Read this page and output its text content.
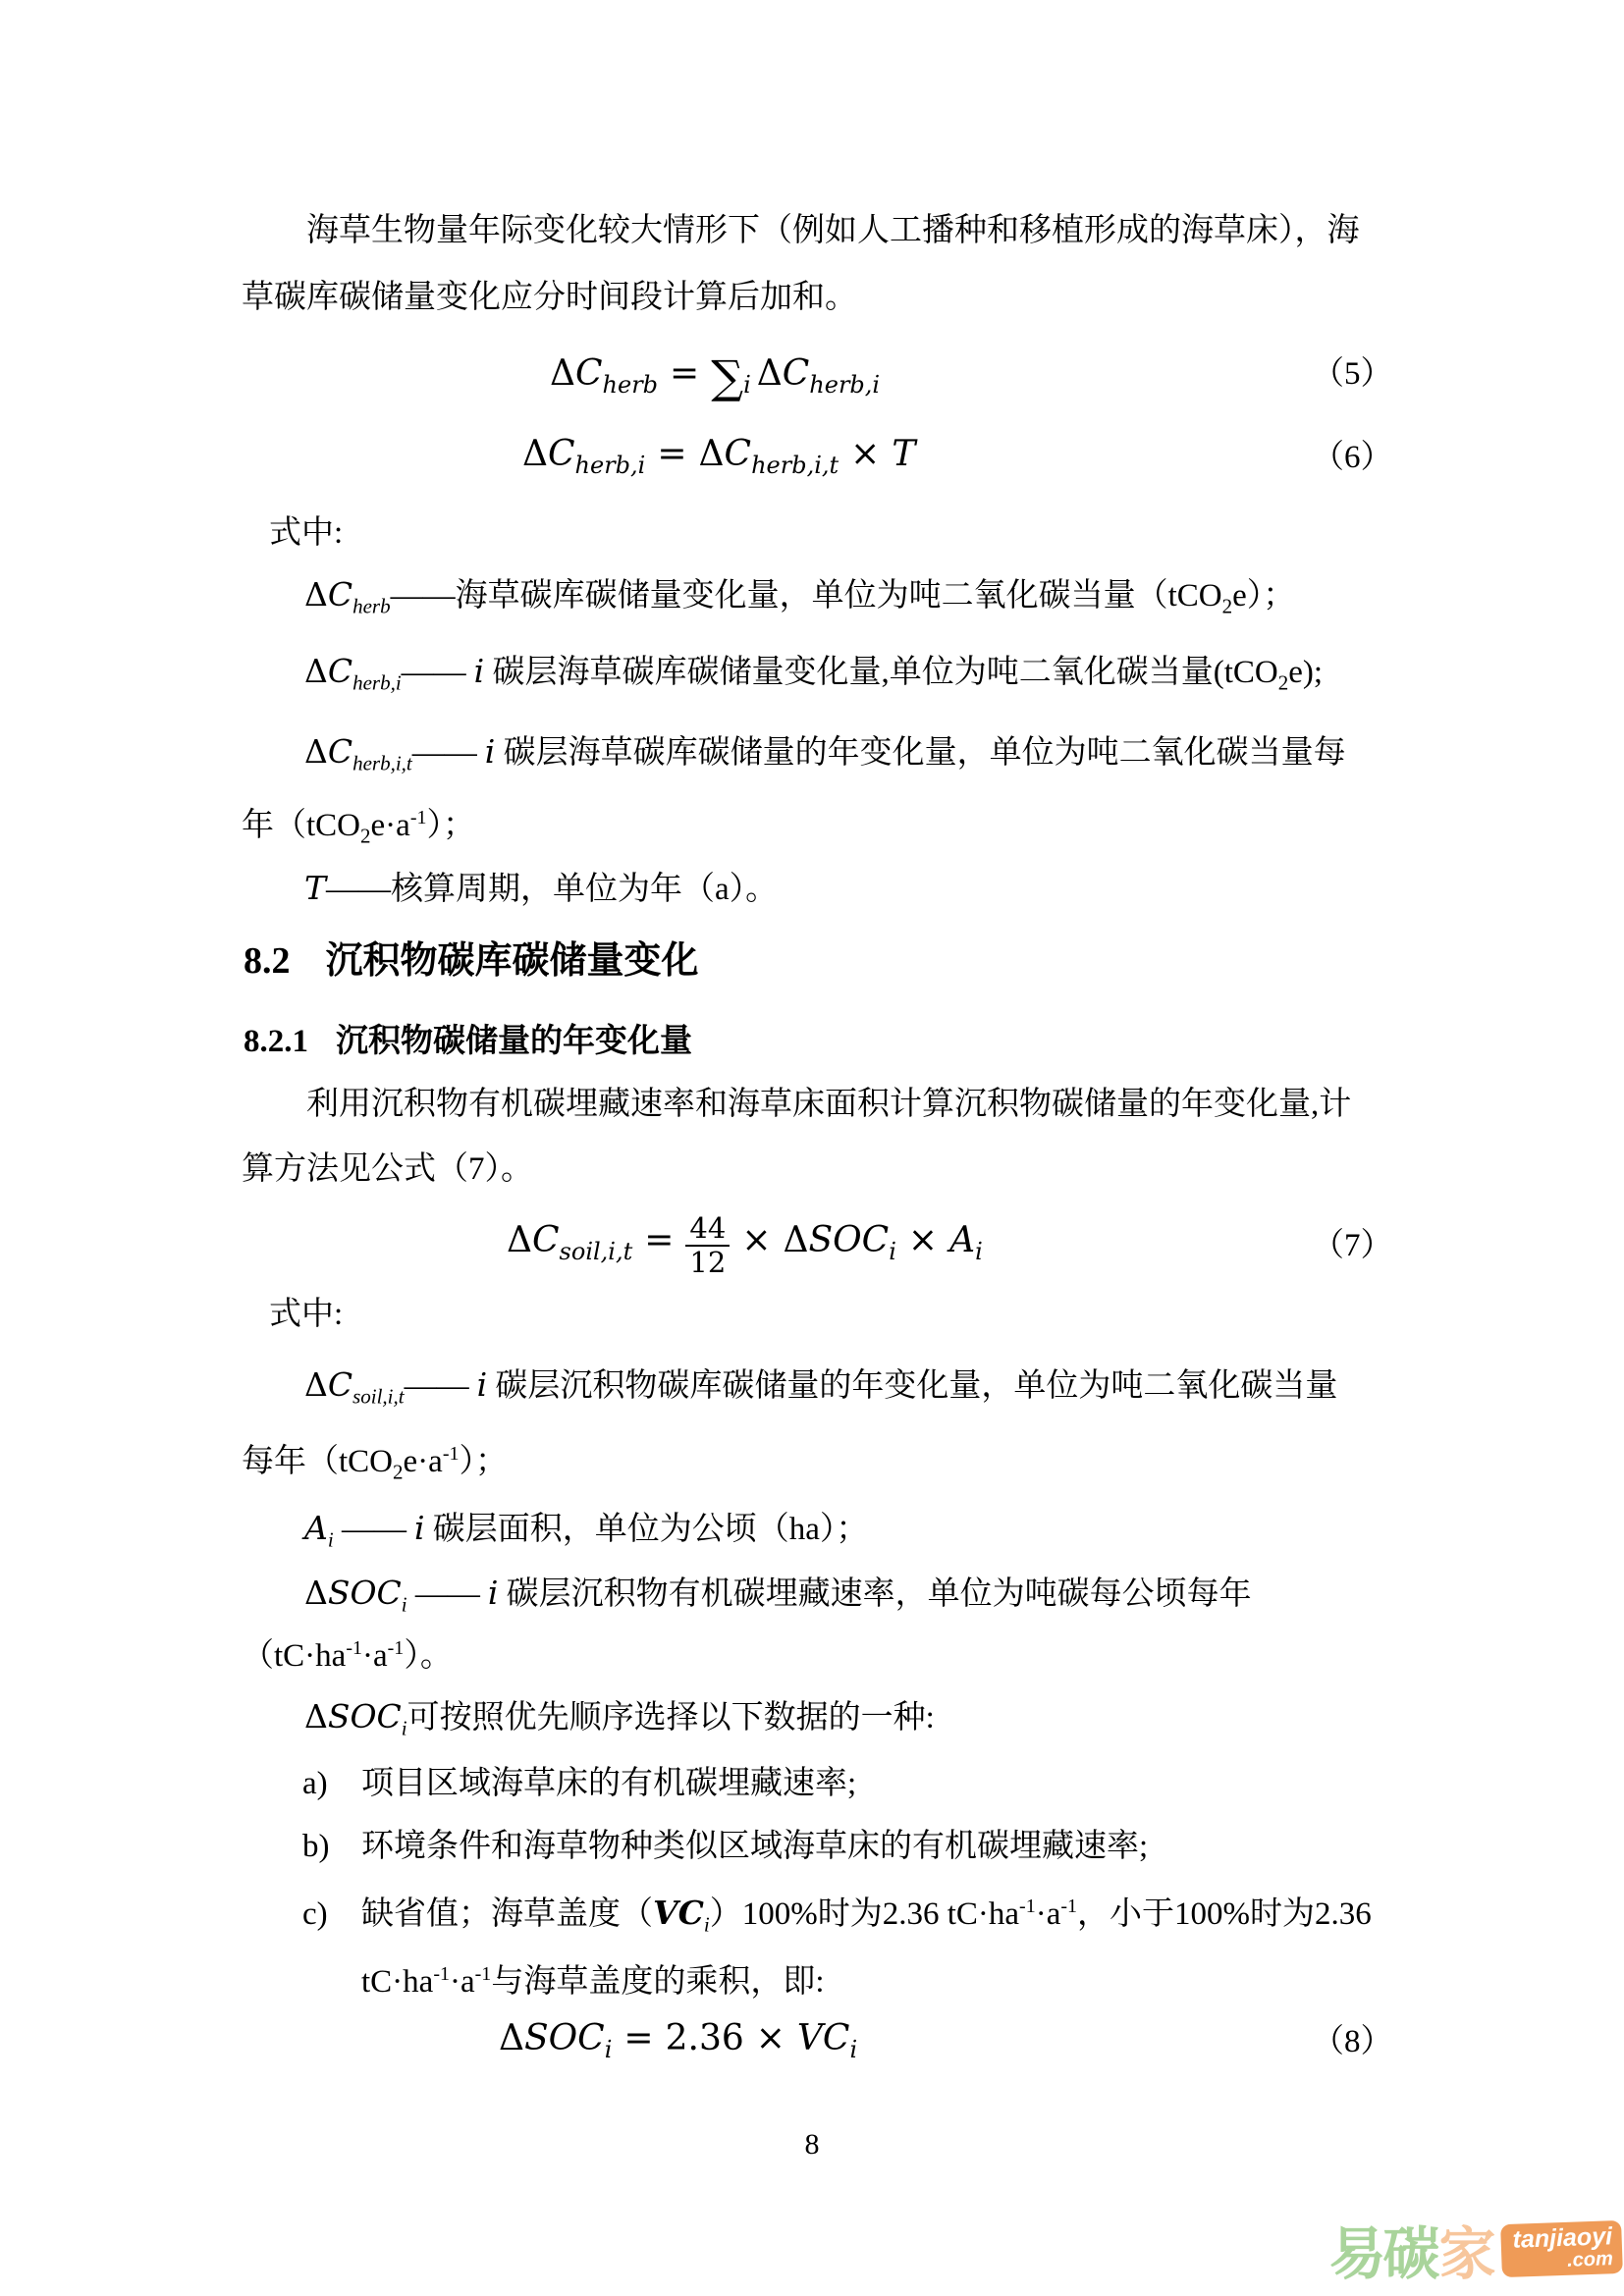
海草生物量年际变化较大情形下（例如人工播种和移植形成的海草床），海
草碳库碳储量变化应分时间段计算后加和。
$\Delta C_{herb} = \sum_i$ $\Delta C_{herb,i}$	（5）
$\Delta C_{herb,i} = \Delta C_{herb,i,t} \times T$	（6）
式中:
$\Delta C_{herb}——$海草碳库碳储量变化量，单位为吨二氧化碳当量（tCO$_2$e）；
$\Delta C_{herb,i}——$ i 碳层海草碳库碳储量变化量,单位为吨二氧化碳当量(tCO$_2$e);
$\Delta C_{herb,i,t}——$ i 碳层海草碳库碳储量的年变化量，单位为吨二氧化碳当量每
年$(tCO_2e\cdot a^{-1})$；
T——核算周期，单位为年（a）。
8.2 沉积物碳库碳储量变化
8.2.1 沉积物碳储量的年变化量
利用沉积物有机碳埋藏速率和海草床面积计算沉积物碳储量的年变化量,计
算方法见公式（7）。
$\Delta C_{soil,i,t} = \frac{44}{12} \times \Delta SOC_i \times A_i$	（7）
式中:
$\Delta C_{soil,i,t}——$ i 碳层沉积物碳库碳储量的年变化量，单位为吨二氧化碳当量
每年$(tCO_2e\cdot a^{-1})$；
$A_i$ —— i 碳层面积，单位为公顷（ha）；
$\Delta SOC_i$ —— i 碳层沉积物有机碳埋藏速率，单位为吨碳每公顷每年
$(tC\cdot ha^{-1}\cdot a^{-1})$。
$\Delta SOC_i$可按照优先顺序选择以下数据的一种:
a) 项目区域海草床的有机碳埋藏速率;
b) 环境条件和海草物种类似区域海草床的有机碳埋藏速率;
c) 缺省值；海草盖度$(VC_i)100\%$时为2.36 $tC\cdot ha^{-1}\cdot a^{-1}$，小于100%时为2.36
$tC\cdot ha^{-1}\cdot a^{-1}$与海草盖度的乘积，即:
$\Delta SOC_i = 2.36 \times VC_i$	（8）
8
易碳 家 tanjiaoyi
.com
